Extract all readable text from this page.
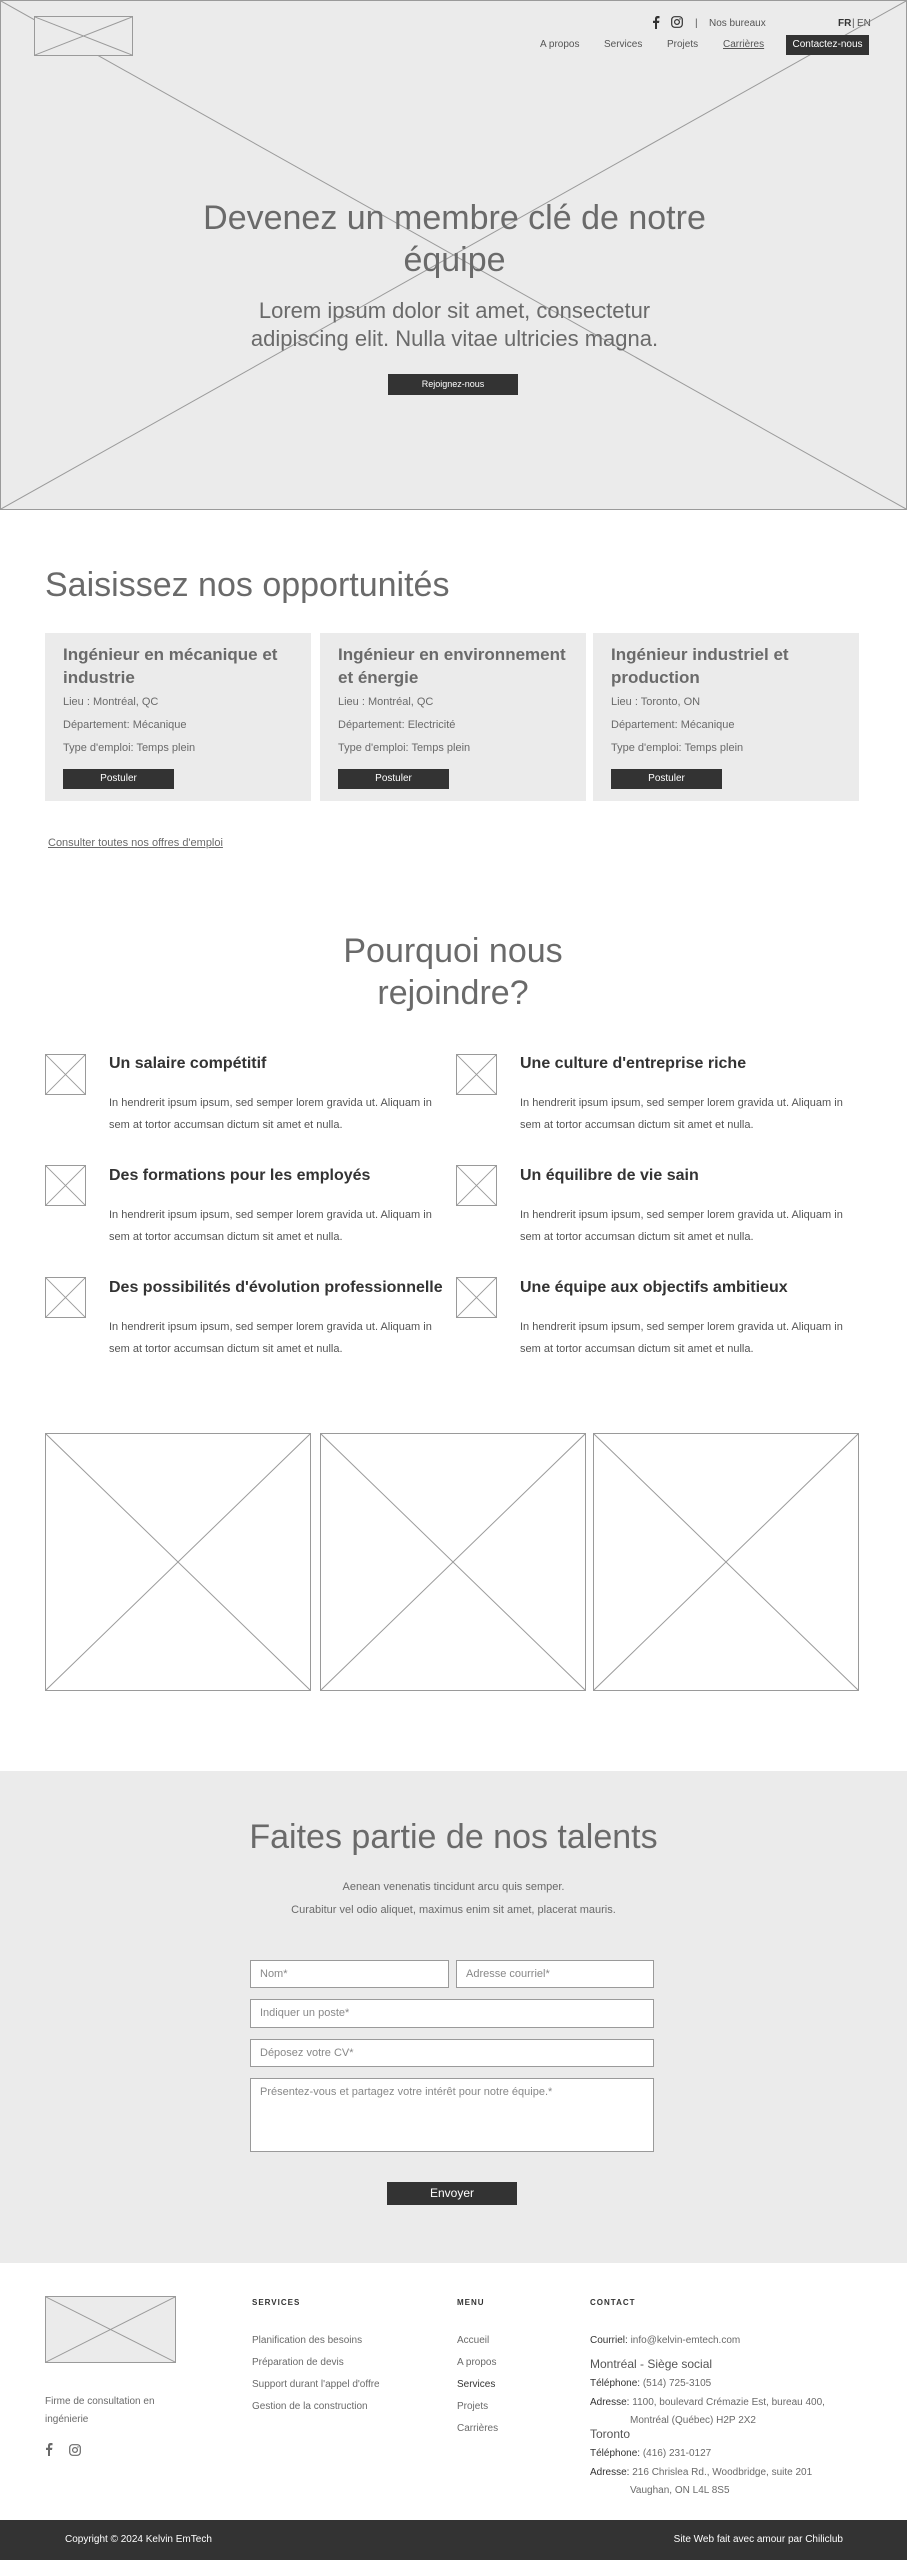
| Nos bureaux	FR | EN
A propos Services Projets Carrières	Contactez-nous
Devenez un membre clé de notre équipe
Lorem ipsum dolor sit amet, consectetur adipiscing elit. Nulla vitae ultricies magna.
Rejoignez-nous
Saisissez nos opportunités
Ingénieur en mécanique et industrie
Lieu : Montréal, QC
Département: Mécanique
Type d'emploi: Temps plein
Postuler
Ingénieur en environnement et énergie
Lieu : Montréal, QC
Département: Electricité
Type d'emploi: Temps plein
Postuler
Ingénieur industriel et production
Lieu : Toronto, ON
Département: Mécanique
Type d'emploi: Temps plein
Postuler
Consulter toutes nos offres d'emploi
Pourquoi nous rejoindre?
Un salaire compétitif
In hendrerit ipsum ipsum, sed semper lorem gravida ut. Aliquam in sem at tortor accumsan dictum sit amet et nulla.
Une culture d'entreprise riche
In hendrerit ipsum ipsum, sed semper lorem gravida ut. Aliquam in sem at tortor accumsan dictum sit amet et nulla.
Des formations pour les employés
In hendrerit ipsum ipsum, sed semper lorem gravida ut. Aliquam in sem at tortor accumsan dictum sit amet et nulla.
Un équilibre de vie sain
In hendrerit ipsum ipsum, sed semper lorem gravida ut. Aliquam in sem at tortor accumsan dictum sit amet et nulla.
Des possibilités d'évolution professionnelle
In hendrerit ipsum ipsum, sed semper lorem gravida ut. Aliquam in sem at tortor accumsan dictum sit amet et nulla.
Une équipe aux objectifs ambitieux
In hendrerit ipsum ipsum, sed semper lorem gravida ut. Aliquam in sem at tortor accumsan dictum sit amet et nulla.
Faites partie de nos talents
Aenean venenatis tincidunt arcu quis semper.
Curabitur vel odio aliquet, maximus enim sit amet, placerat mauris.
Nom*	Adresse courriel*
Indiquer un poste*
Déposez votre CV*
Présentez-vous et partagez votre intérêt pour notre équipe.*
Envoyer
Firme de consultation en ingénierie
SERVICES
Planification des besoins
Préparation de devis
Support durant l'appel d'offre
Gestion de la construction
MENU
Accueil
A propos
Services
Projets
Carrières
CONTACT
Courriel: info@kelvin-emtech.com
Montréal - Siège social
Téléphone: (514) 725-3105
Adresse: 1100, boulevard Crémazie Est, bureau 400,
Montréal (Québec) H2P 2X2
Toronto
Téléphone: (416) 231-0127
Adresse: 216 Chrislea Rd., Woodbridge, suite 201
Vaughan, ON L4L 8S5
Copyright © 2024 Kelvin EmTech	Site Web fait avec amour par Chiliclub
